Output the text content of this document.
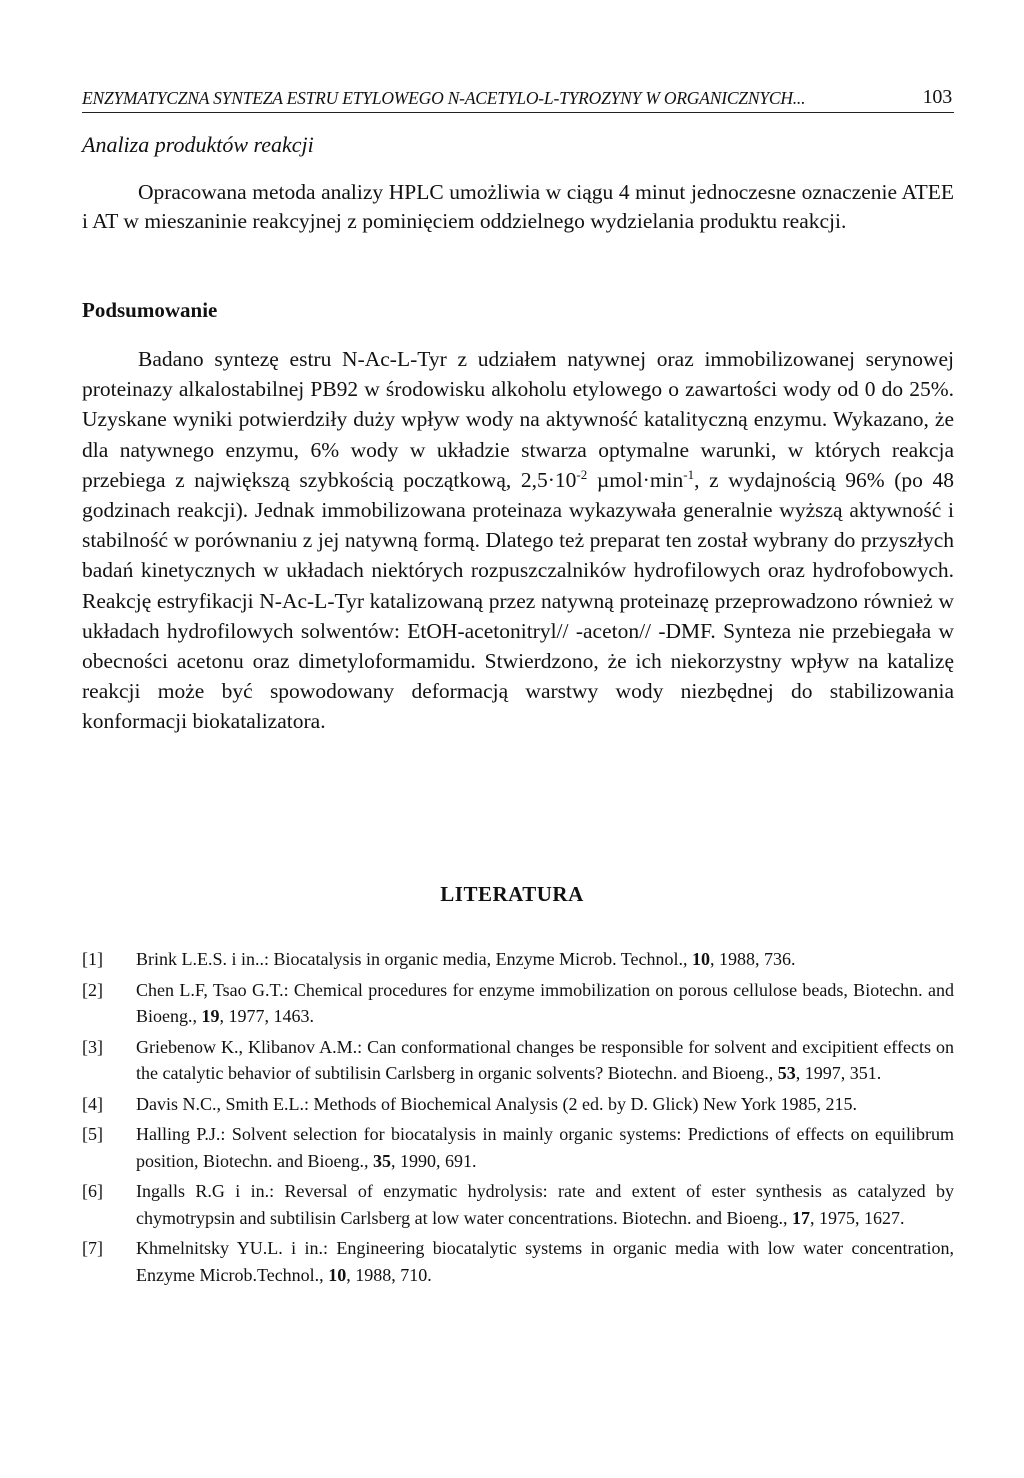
ENZYMATYCZNA SYNTEZA ESTRU ETYLOWEGO N-ACETYLO-L-TYROZYNY W ORGANICZNYCH...	103
Analiza produktów reakcji

Opracowana metoda analizy HPLC umożliwia w ciągu 4 minut jednoczesne oznaczenie ATEE i AT w mieszaninie reakcyjnej z pominięciem oddzielnego wydzielania produktu reakcji.

Podsumowanie

Badano syntezę estru N-Ac-L-Tyr z udziałem natywnej oraz immobilizowanej serynowej proteinazy alkalostabilnej PB92 w środowisku alkoholu etylowego o zawartości wody od 0 do 25%. Uzyskane wyniki potwierdziły duży wpływ wody na aktywność katalityczną enzymu. Wykazano, że dla natywnego enzymu, 6% wody w układzie stwarza optymalne warunki, w których reakcja przebiega z największą szybkością początkową, $2,5\cdot 10^{-2}$ $\mu mol\cdot\min^{-1}$, z wydajnością 96% (po 48 godzinach reakcji). Jednak immobilizowana proteinaza wykazywała generalnie wyższą aktywność i stabilność w porównaniu z jej natywną formą. Dlatego też preparat ten został wybrany do przyszłych badań kinetycznych w układach niektórych rozpuszczalników hydrofilowych oraz hydrofobowych. Reakcję estryfikacji N-Ac-L-Tyr katalizowaną przez natywną proteinazę przeprowadzono również w układach hydrofilowych solwentów: EtOH-acetonitryl// -aceton// -DMF. Synteza nie przebiegała w obecności acetonu oraz dimetyloformamidu. Stwierdzono, że ich niekorzystny wpływ na katalizę reakcji może być spowodowany deformacją warstwy wody niezbędnej do stabilizowania konformacji biokatalizatora.

LITERATURA
[1] Brink L.E.S. i in..: Biocatalysis in organic media, Enzyme Microb. Technol., 10, 1988, 736.
[2] Chen L.F, Tsao G.T.: Chemical procedures for enzyme immobilization on porous cellulose beads, Biotechn. and Bioeng., 19, 1977, 1463.
[3] Griebenow K., Klibanov A.M.: Can conformational changes be responsible for solvent and excipitient effects on the catalytic behavior of subtilisin Carlsberg in organic solvents? Biotechn. and Bioeng., 53, 1997, 351.
[4] Davis N.C., Smith E.L.: Methods of Biochemical Analysis (2 ed. by D. Glick) New York 1985, 215.
[5] Halling P.J.: Solvent selection for biocatalysis in mainly organic systems: Predictions of effects on equilibrum position, Biotechn. and Bioeng., 35, 1990, 691.
[6] Ingalls R.G i in.: Reversal of enzymatic hydrolysis: rate and extent of ester synthesis as catalyzed by chymotrypsin and subtilisin Carlsberg at low water concentrations. Biotechn. and Bioeng., 17, 1975, 1627.
[7] Khmelnitsky YU.L. i in.: Engineering biocatalytic systems in organic media with low water concentration, Enzyme Microb.Technol., 10, 1988, 710.
